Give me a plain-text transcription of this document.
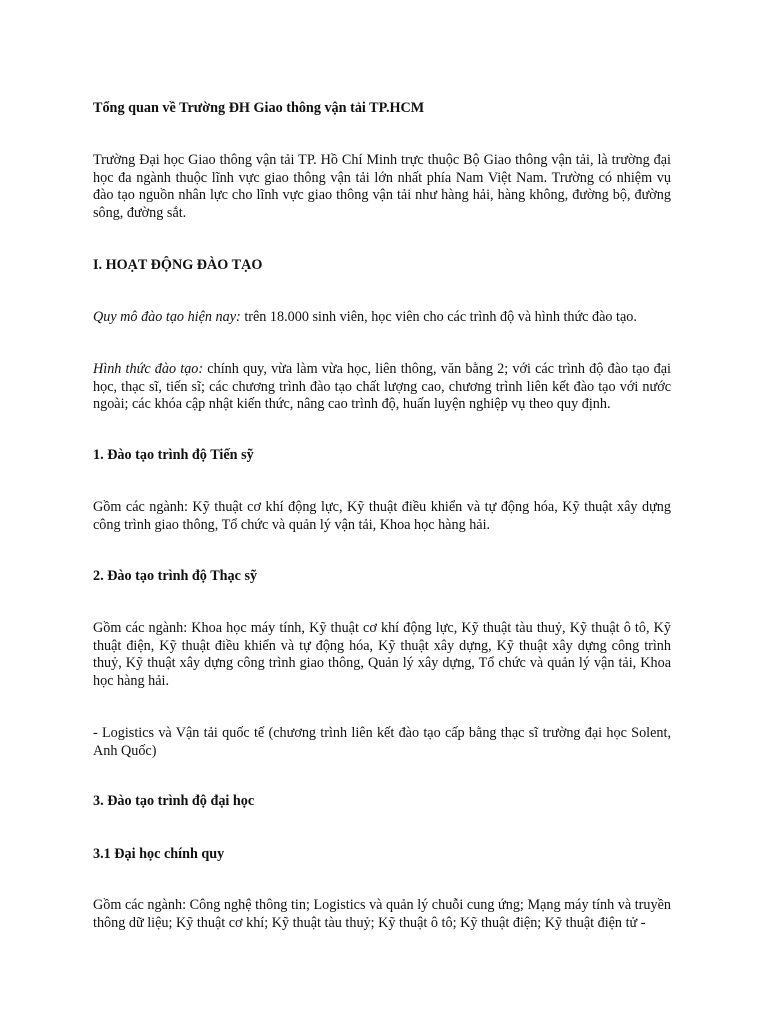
Tổng quan về Trường ĐH Giao thông vận tải TP.HCM

Trường Đại học Giao thông vận tải TP. Hồ Chí Minh trực thuộc Bộ Giao thông vận tải, là trường đại học đa ngành thuộc lĩnh vực giao thông vận tải lớn nhất phía Nam Việt Nam. Trường có nhiệm vụ đào tạo nguồn nhân lực cho lĩnh vực giao thông vận tải như hàng hải, hàng không, đường bộ, đường sông, đường sắt.

I. HOẠT ĐỘNG ĐÀO TẠO

Quy mô đào tạo hiện nay: trên 18.000 sinh viên, học viên cho các trình độ và hình thức đào tạo.

Hình thức đào tạo: chính quy, vừa làm vừa học, liên thông, văn bằng 2; với các trình độ đào tạo đại học, thạc sĩ, tiến sĩ; các chương trình đào tạo chất lượng cao, chương trình liên kết đào tạo với nước ngoài; các khóa cập nhật kiến thức, nâng cao trình độ, huấn luyện nghiệp vụ theo quy định.

1. Đào tạo trình độ Tiến sỹ

Gồm các ngành: Kỹ thuật cơ khí động lực, Kỹ thuật điều khiển và tự động hóa, Kỹ thuật xây dựng công trình giao thông, Tổ chức và quản lý vận tải, Khoa học hàng hải.

2. Đào tạo trình độ Thạc sỹ

Gồm các ngành: Khoa học máy tính, Kỹ thuật cơ khí động lực, Kỹ thuật tàu thuỷ, Kỹ thuật ô tô, Kỹ thuật điện, Kỹ thuật điều khiển và tự động hóa, Kỹ thuật xây dựng, Kỹ thuật xây dựng công trình thuỷ, Kỹ thuật xây dựng công trình giao thông, Quản lý xây dựng, Tổ chức và quản lý vận tải, Khoa học hàng hải.

- Logistics và Vận tải quốc tế (chương trình liên kết đào tạo cấp bằng thạc sĩ trường đại học Solent, Anh Quốc)

3. Đào tạo trình độ đại học

3.1 Đại học chính quy

Gồm các ngành: Công nghệ thông tin; Logistics và quản lý chuỗi cung ứng; Mạng máy tính và truyền thông dữ liệu; Kỹ thuật cơ khí; Kỹ thuật tàu thuỷ; Kỹ thuật ô tô; Kỹ thuật điện; Kỹ thuật điện tử -
